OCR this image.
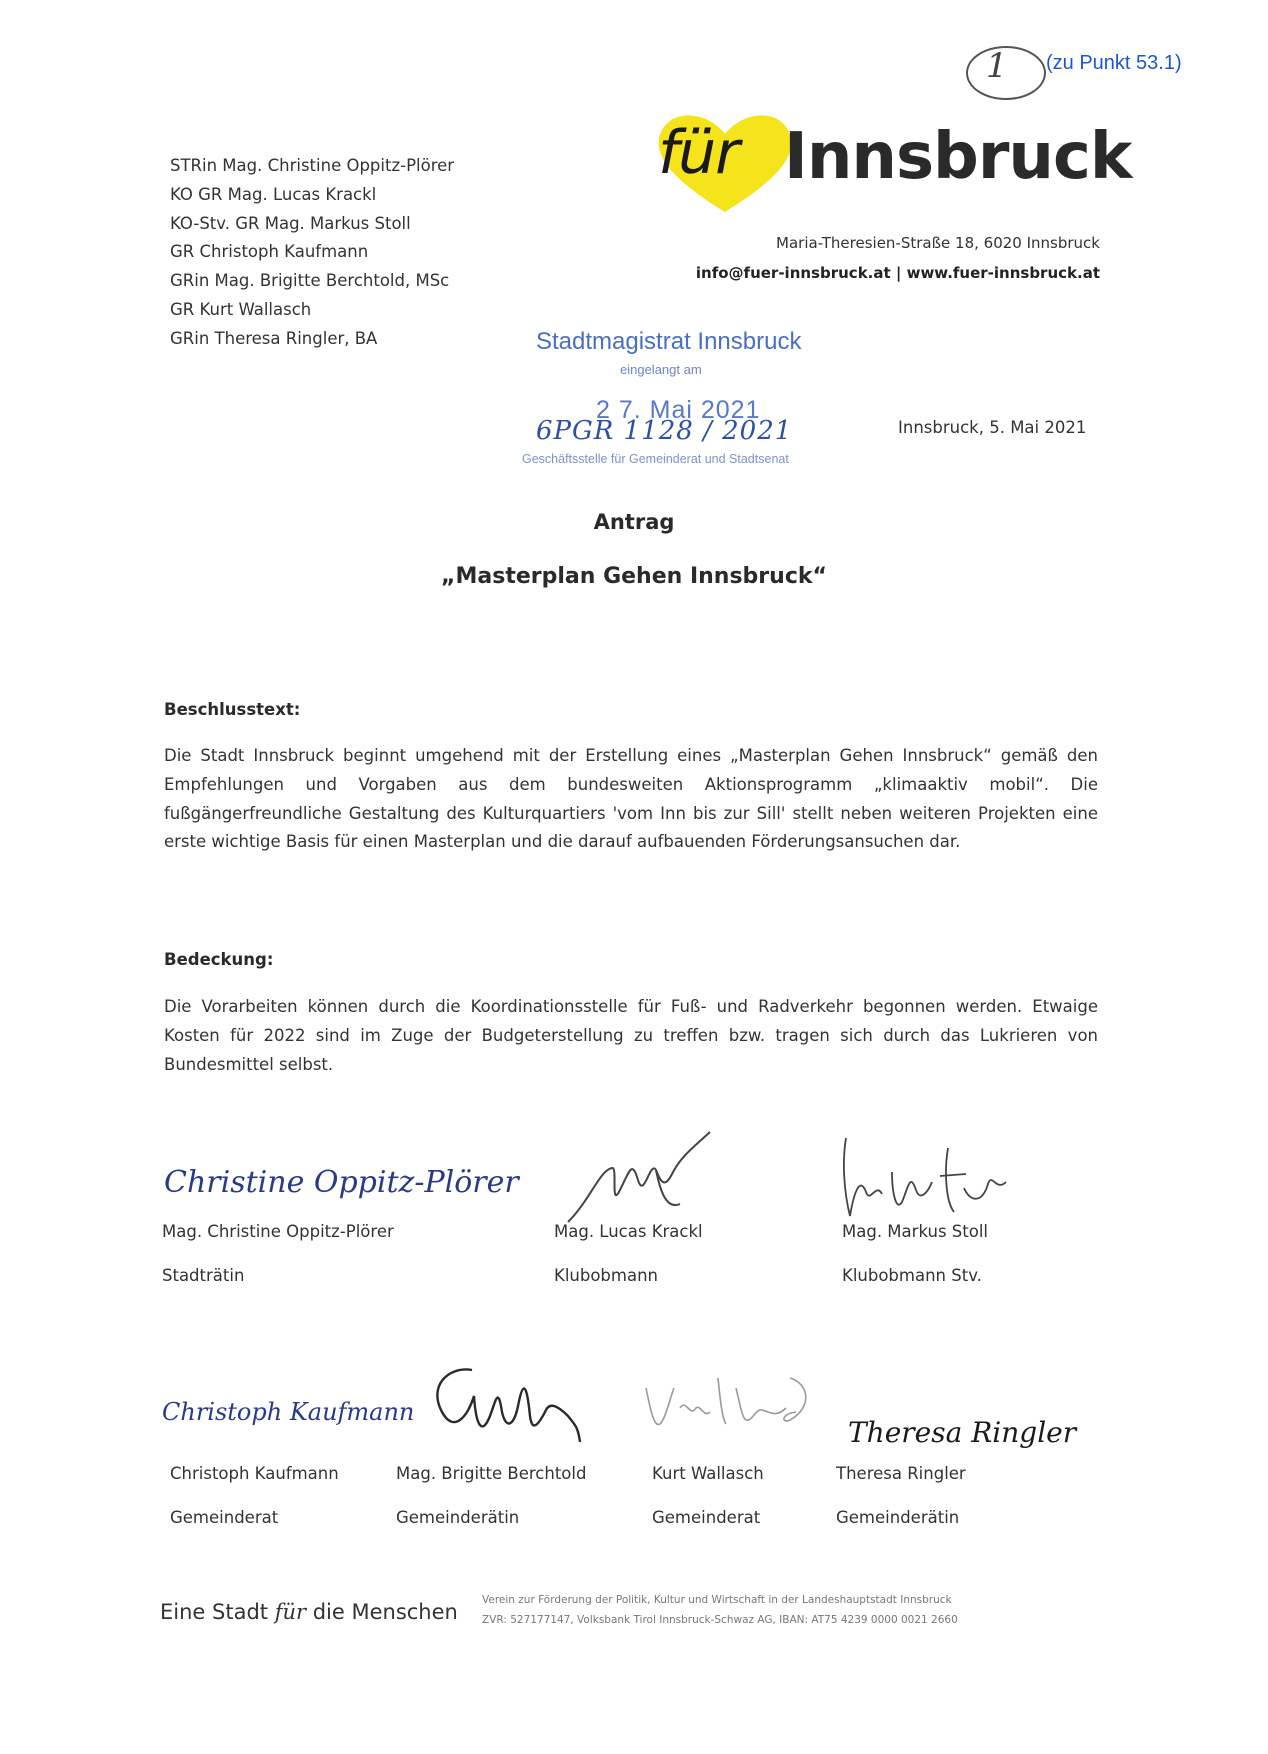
1 (zu Punkt 53.1)
STRin Mag. Christine Oppitz-Plörer
KO GR Mag. Lucas Krackl
KO-Stv. GR Mag. Markus Stoll
GR Christoph Kaufmann
GRin Mag. Brigitte Berchtold, MSc
GR Kurt Wallasch
GRin Theresa Ringler, BA
für Innsbruck
Maria-Theresien-Straße 18, 6020 Innsbruck
info@fuer-innsbruck.at | www.fuer-innsbruck.at
Stadtmagistrat Innsbruck
eingelangt am
2 7. Mai 2021
6PGR 1128 / 2021
Geschäftsstelle für Gemeinderat und Stadtsenat
Innsbruck, 5. Mai 2021
Antrag
„Masterplan Gehen Innsbruck“
Beschlusstext:
Die Stadt Innsbruck beginnt umgehend mit der Erstellung eines „Masterplan Gehen Innsbruck“ gemäß den Empfehlungen und Vorgaben aus dem bundesweiten Aktionsprogramm „klimaaktiv mobil“. Die fußgängerfreundliche Gestaltung des Kulturquartiers 'vom Inn bis zur Sill' stellt neben weiteren Projekten eine erste wichtige Basis für einen Masterplan und die darauf aufbauenden Förderungsansuchen dar.
Bedeckung:
Die Vorarbeiten können durch die Koordinationsstelle für Fuß- und Radverkehr begonnen werden. Etwaige Kosten für 2022 sind im Zuge der Budgeterstellung zu treffen bzw. tragen sich durch das Lukrieren von Bundesmittel selbst.
Christine Oppitz-Plörer
Mag. Christine Oppitz-Plörer
Stadträtin
Mag. Lucas Krackl
Klubobmann
Mag. Markus Stoll
Klubobmann Stv.
Christoph Kaufmann
Christoph Kaufmann
Gemeinderat
Mag. Brigitte Berchtold
Gemeinderätin
Kurt Wallasch
Gemeinderat
Theresa Ringler
Theresa Ringler
Gemeinderätin
Eine Stadt für die Menschen Verein zur Förderung der Politik, Kultur und Wirtschaft in der Landeshauptstadt Innsbruck
ZVR: 527177147, Volksbank Tirol Innsbruck-Schwaz AG, IBAN: AT75 4239 0000 0021 2660
